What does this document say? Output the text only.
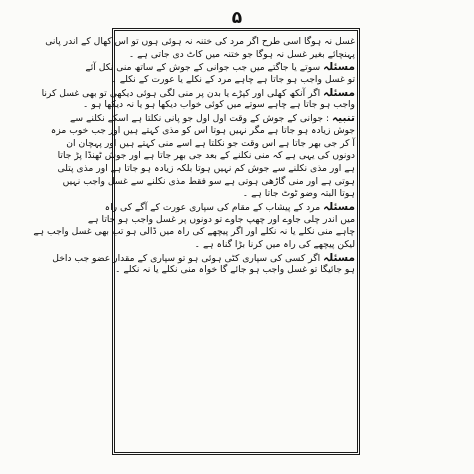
۵
غسل نہ ہوگا اسی طرح اگر مرد کی ختنہ نہ ہوئی ہوں تو اس کھال کے اندر پانی
پہنچائے بغیر غسل نہ ہوگا جو ختنہ میں کاٹ دی جاتی ہے ۔
مسئلہ سوتے یا جاگتے میں جب جوانی کے جوش کے ساتھ منی نکل آئے
تو غسل واجب ہو جاتا ہے چاہے مرد کے نکلے یا عورت کے نکلے ۔
مسئلہ اگر آنکھ کھلی اور کپڑے یا بدن پر منی لگی ہوئی دیکھی تو بھی غسل کرنا
واجب ہو جاتا ہے چاہے سوتے میں کوئی خواب دیکھا ہو یا نہ دیکھا ہو ۔
تنبیہ : جوانی کے جوش کے وقت اول اول جو پانی نکلتا ہے اسکے نکلنے سے
جوش زیادہ ہو جاتا ہے مگر نہیں ہوتا اس کو مذی کہتے ہیں اور جب خوب مزہ
آ کر جی بھر جاتا ہے اس وقت جو نکلتا ہے اسے منی کہتے ہیں اور پہچان ان
دونوں کی یہی ہے کہ منی نکلنے کے بعد جی بھر جاتا ہے اور جوش ٹھنڈا پڑ جاتا
ہے اور مذی نکلنے سے جوش کم نہیں ہوتا بلکہ زیادہ ہو جاتا ہے اور مذی پتلی
ہوتی ہے اور منی گاڑھی ہوتی ہے سو فقط مذی نکلنے سے غسل واجب نہیں
ہوتا البتہ وضو ٹوٹ جاتا ہے ۔
مسئلہ مرد کے پیشاب کے مقام کی سپاری عورت کے آگے کی راہ
میں اندر چلی جاوے اور چھپ جاوے تو دونوں پر غسل واجب ہو جاتا ہے
چاہے منی نکلے یا نہ نکلے اور اگر پیچھے کی راہ میں ڈالی ہو تب بھی غسل واجب ہے
لیکن پیچھے کی راہ میں کرنا بڑا گناہ ہے ۔
مسئلہ اگر کسی کی سپاری کٹی ہوئی ہو تو سپاری کے مقدار عضو جب داخل
ہو جائیگا تو غسل واجب ہو جائے گا خواہ منی نکلے یا نہ نکلے ۔
